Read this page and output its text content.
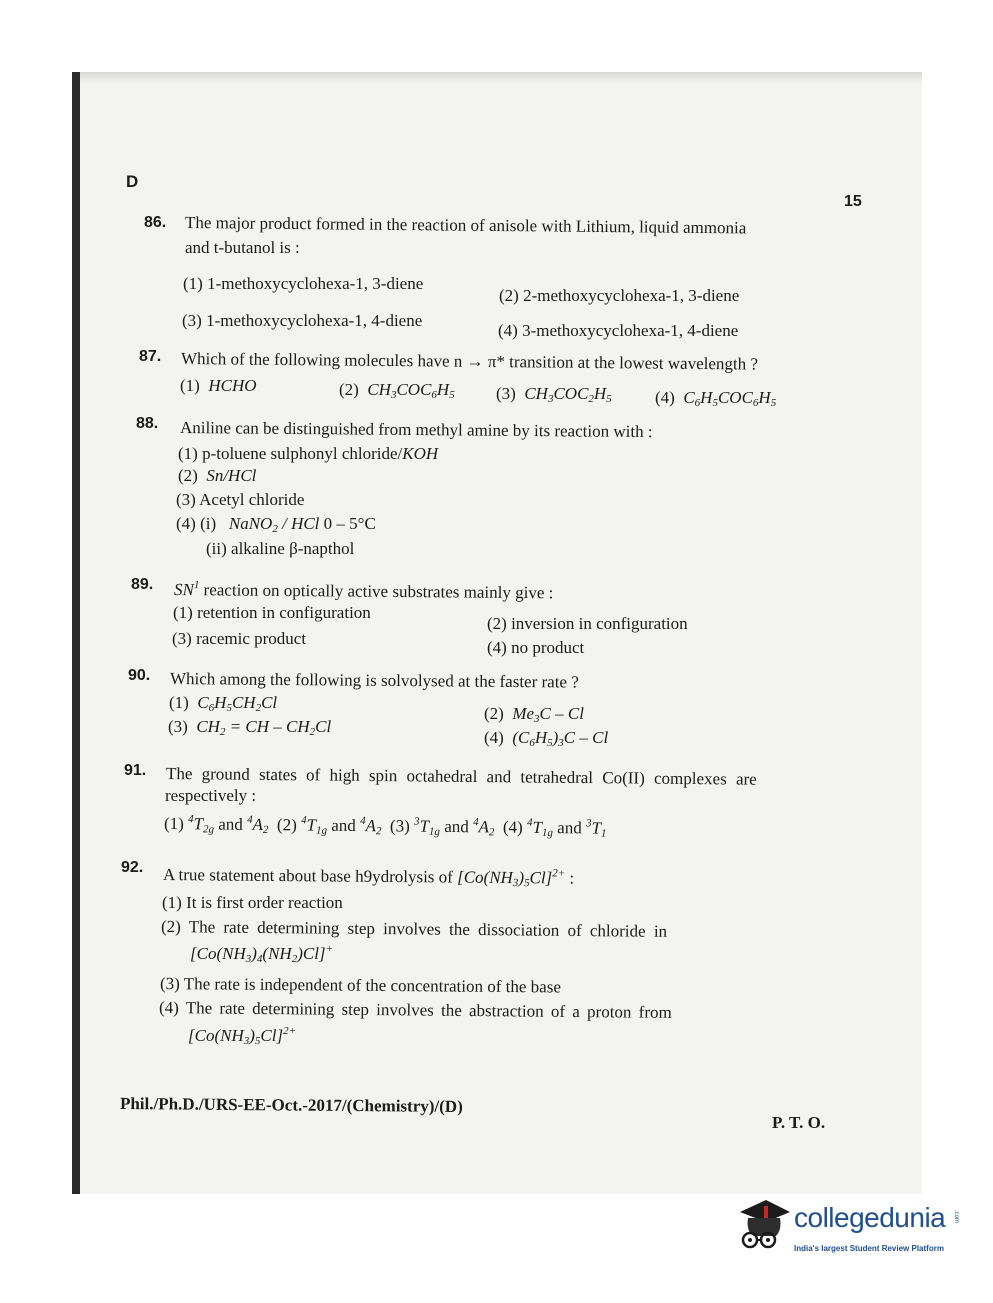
D
15
86. The major product formed in the reaction of anisole with Lithium, liquid ammonia
and t-butanol is :
(1) 1-methoxycyclohexa-1, 3-diene
(2) 2-methoxycyclohexa-1, 3-diene
(3) 1-methoxycyclohexa-1, 4-diene
(4) 3-methoxycyclohexa-1, 4-diene
87. Which of the following molecules have n → π* transition at the lowest wavelength ?
(1) HCHO	(2) $CH_3COC_6H_5$ (3) $CH_3COC_2H_5$	(4) $C_6H_5COC_6H_5$
88. Aniline can be distinguished from methyl amine by its reaction with :
(1) p-toluene sulphonyl chloride/KOH
(2) Sn/HCl
(3) Acetyl chloride
(4) (i) NaNO$_2$ / HCl 0 – 5°C
(ii) alkaline β-napthol
89. $SN^1$ reaction on optically active substrates mainly give :
(1) retention in configuration
(2) inversion in configuration
(3) racemic product	(4) no product
90. Which among the following is solvolysed at the faster rate ?
(1) $C_6H_5CH_2Cl$
(2) $Me_3C$ – Cl
(3) $CH_2$ = CH – $CH_2Cl$
(4) $(C_6H_5)_3C$ – Cl
91. The ground states of high spin octahedral and tetrahedral Co(II) complexes are
respectively :
(1) $^4T_{2g}$ and $^4A_2$  (2) $^4T_{1g}$ and $^4A_2$  (3) $^3T_{1g}$ and $^4A_2$  (4) $^4T_{1g}$ and $^3T_1$
92. A true statement about base h9ydrolysis of $[Co(NH_3)_5Cl]^{2+}$ :
(1) It is first order reaction
(2) The rate determining step involves the dissociation of chloride in
$[Co(NH_3)_4(NH_2)Cl]^+$
(3) The rate is independent of the concentration of the base
(4) The rate determining step involves the abstraction of a proton from
$[Co(NH_3)_5Cl]^{2+}$
Phil./Ph.D./URS-EE-Oct.-2017/(Chemistry)/(D)
P. T. O.
collegedunia .com
India's largest Student Review Platform
